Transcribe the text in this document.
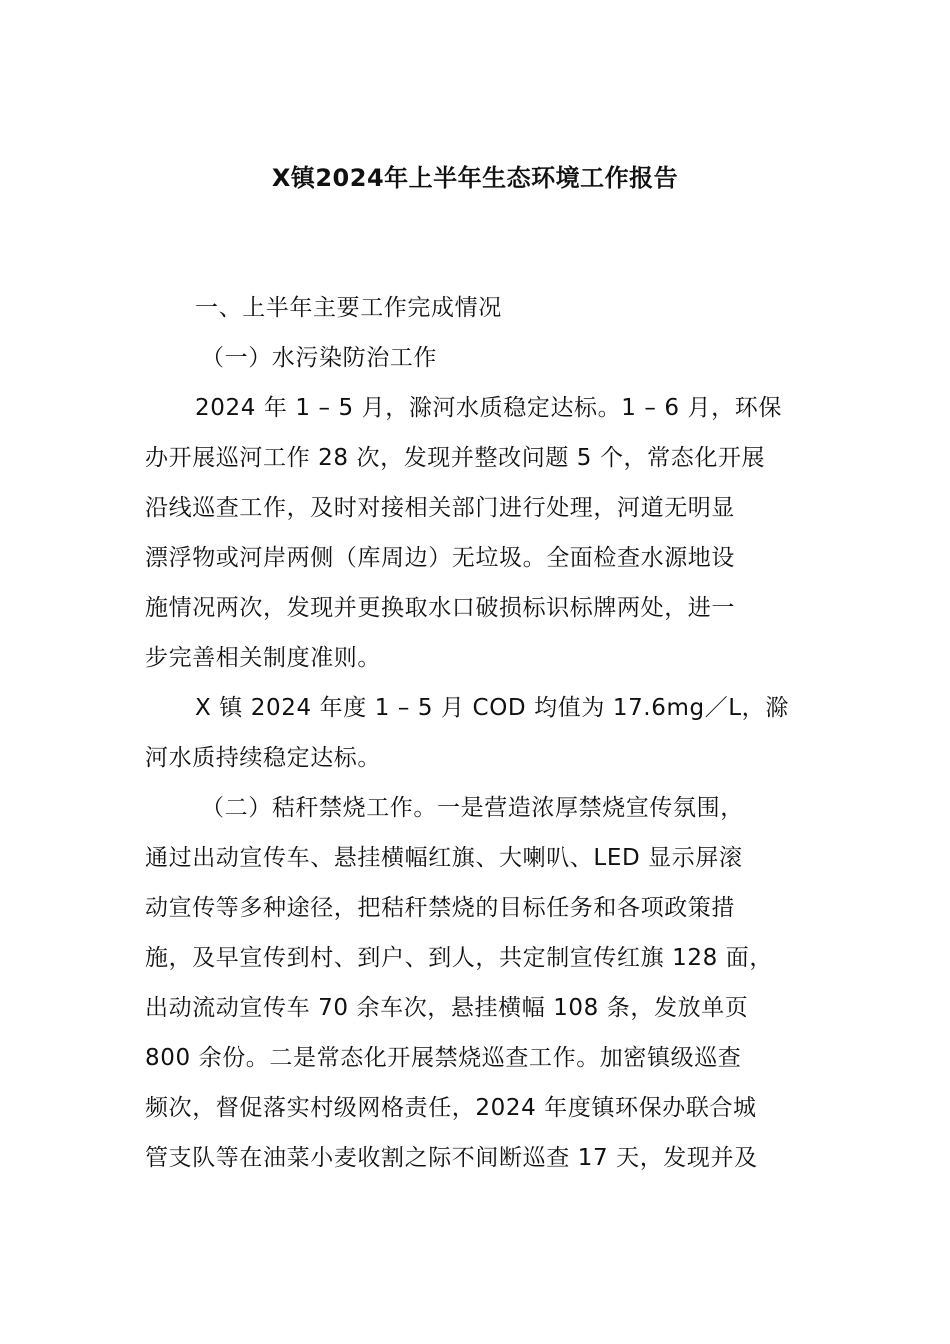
X镇2024年上半年生态环境工作报告
一、上半年主要工作完成情况
（一）水污染防治工作
2024 年 1 – 5 月，滁河水质稳定达标。1 – 6 月，环保
办开展巡河工作 28 次，发现并整改问题 5 个，常态化开展
沿线巡查工作，及时对接相关部门进行处理，河道无明显
漂浮物或河岸两侧（库周边）无垃圾。全面检查水源地设
施情况两次，发现并更换取水口破损标识标牌两处，进一
步完善相关制度准则。
X 镇 2024 年度 1 – 5 月 COD 均值为 17.6mg／L，滁
河水质持续稳定达标。
（二）秸秆禁烧工作。一是营造浓厚禁烧宣传氛围，
通过出动宣传车、悬挂横幅红旗、大喇叭、LED 显示屏滚
动宣传等多种途径，把秸秆禁烧的目标任务和各项政策措
施，及早宣传到村、到户、到人，共定制宣传红旗 128 面，
出动流动宣传车 70 余车次，悬挂横幅 108 条，发放单页
800 余份。二是常态化开展禁烧巡查工作。加密镇级巡查
频次，督促落实村级网格责任，2024 年度镇环保办联合城
管支队等在油菜小麦收割之际不间断巡查 17 天，发现并及
